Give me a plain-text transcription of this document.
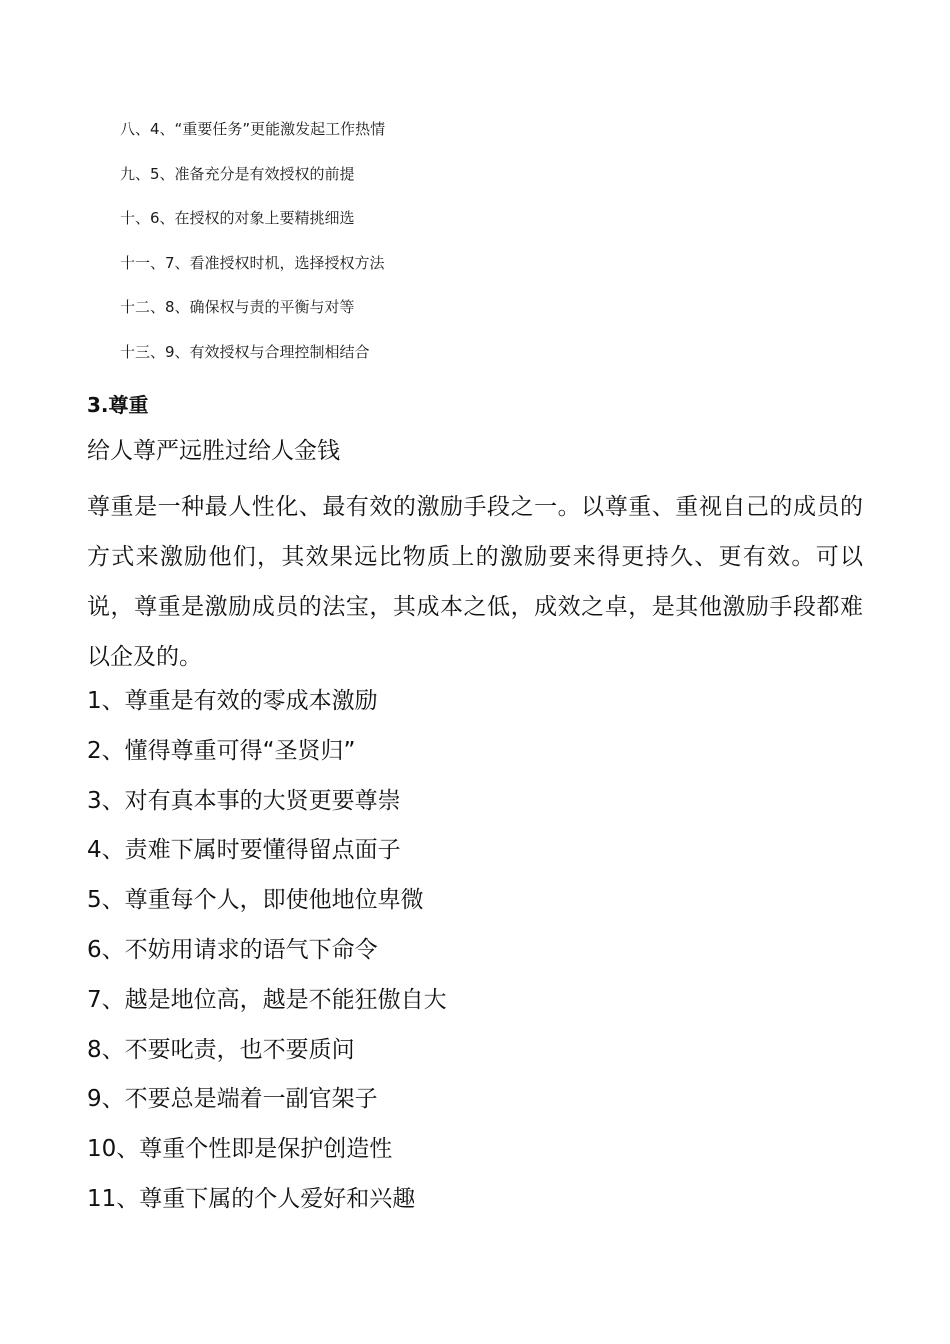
八、4、“重要任务”更能激发起工作热情
九、5、准备充分是有效授权的前提
十、6、在授权的对象上要精挑细选
十一、7、看准授权时机，选择授权方法
十二、8、确保权与责的平衡与对等
十三、9、有效授权与合理控制相结合
3.尊重

给人尊严远胜过给人金钱

尊重是一种最人性化、最有效的激励手段之一。以尊重、重视自己的成员的方式来激励他们，其效果远比物质上的激励要来得更持久、更有效。可以说，尊重是激励成员的法宝，其成本之低，成效之卓，是其他激励手段都难以企及的。

1、尊重是有效的零成本激励
2、懂得尊重可得“圣贤归”
3、对有真本事的大贤更要尊崇
4、责难下属时要懂得留点面子
5、尊重每个人，即使他地位卑微
6、不妨用请求的语气下命令
7、越是地位高，越是不能狂傲自大
8、不要叱责，也不要质问
9、不要总是端着一副官架子
10、尊重个性即是保护创造性
11、尊重下属的个人爱好和兴趣
